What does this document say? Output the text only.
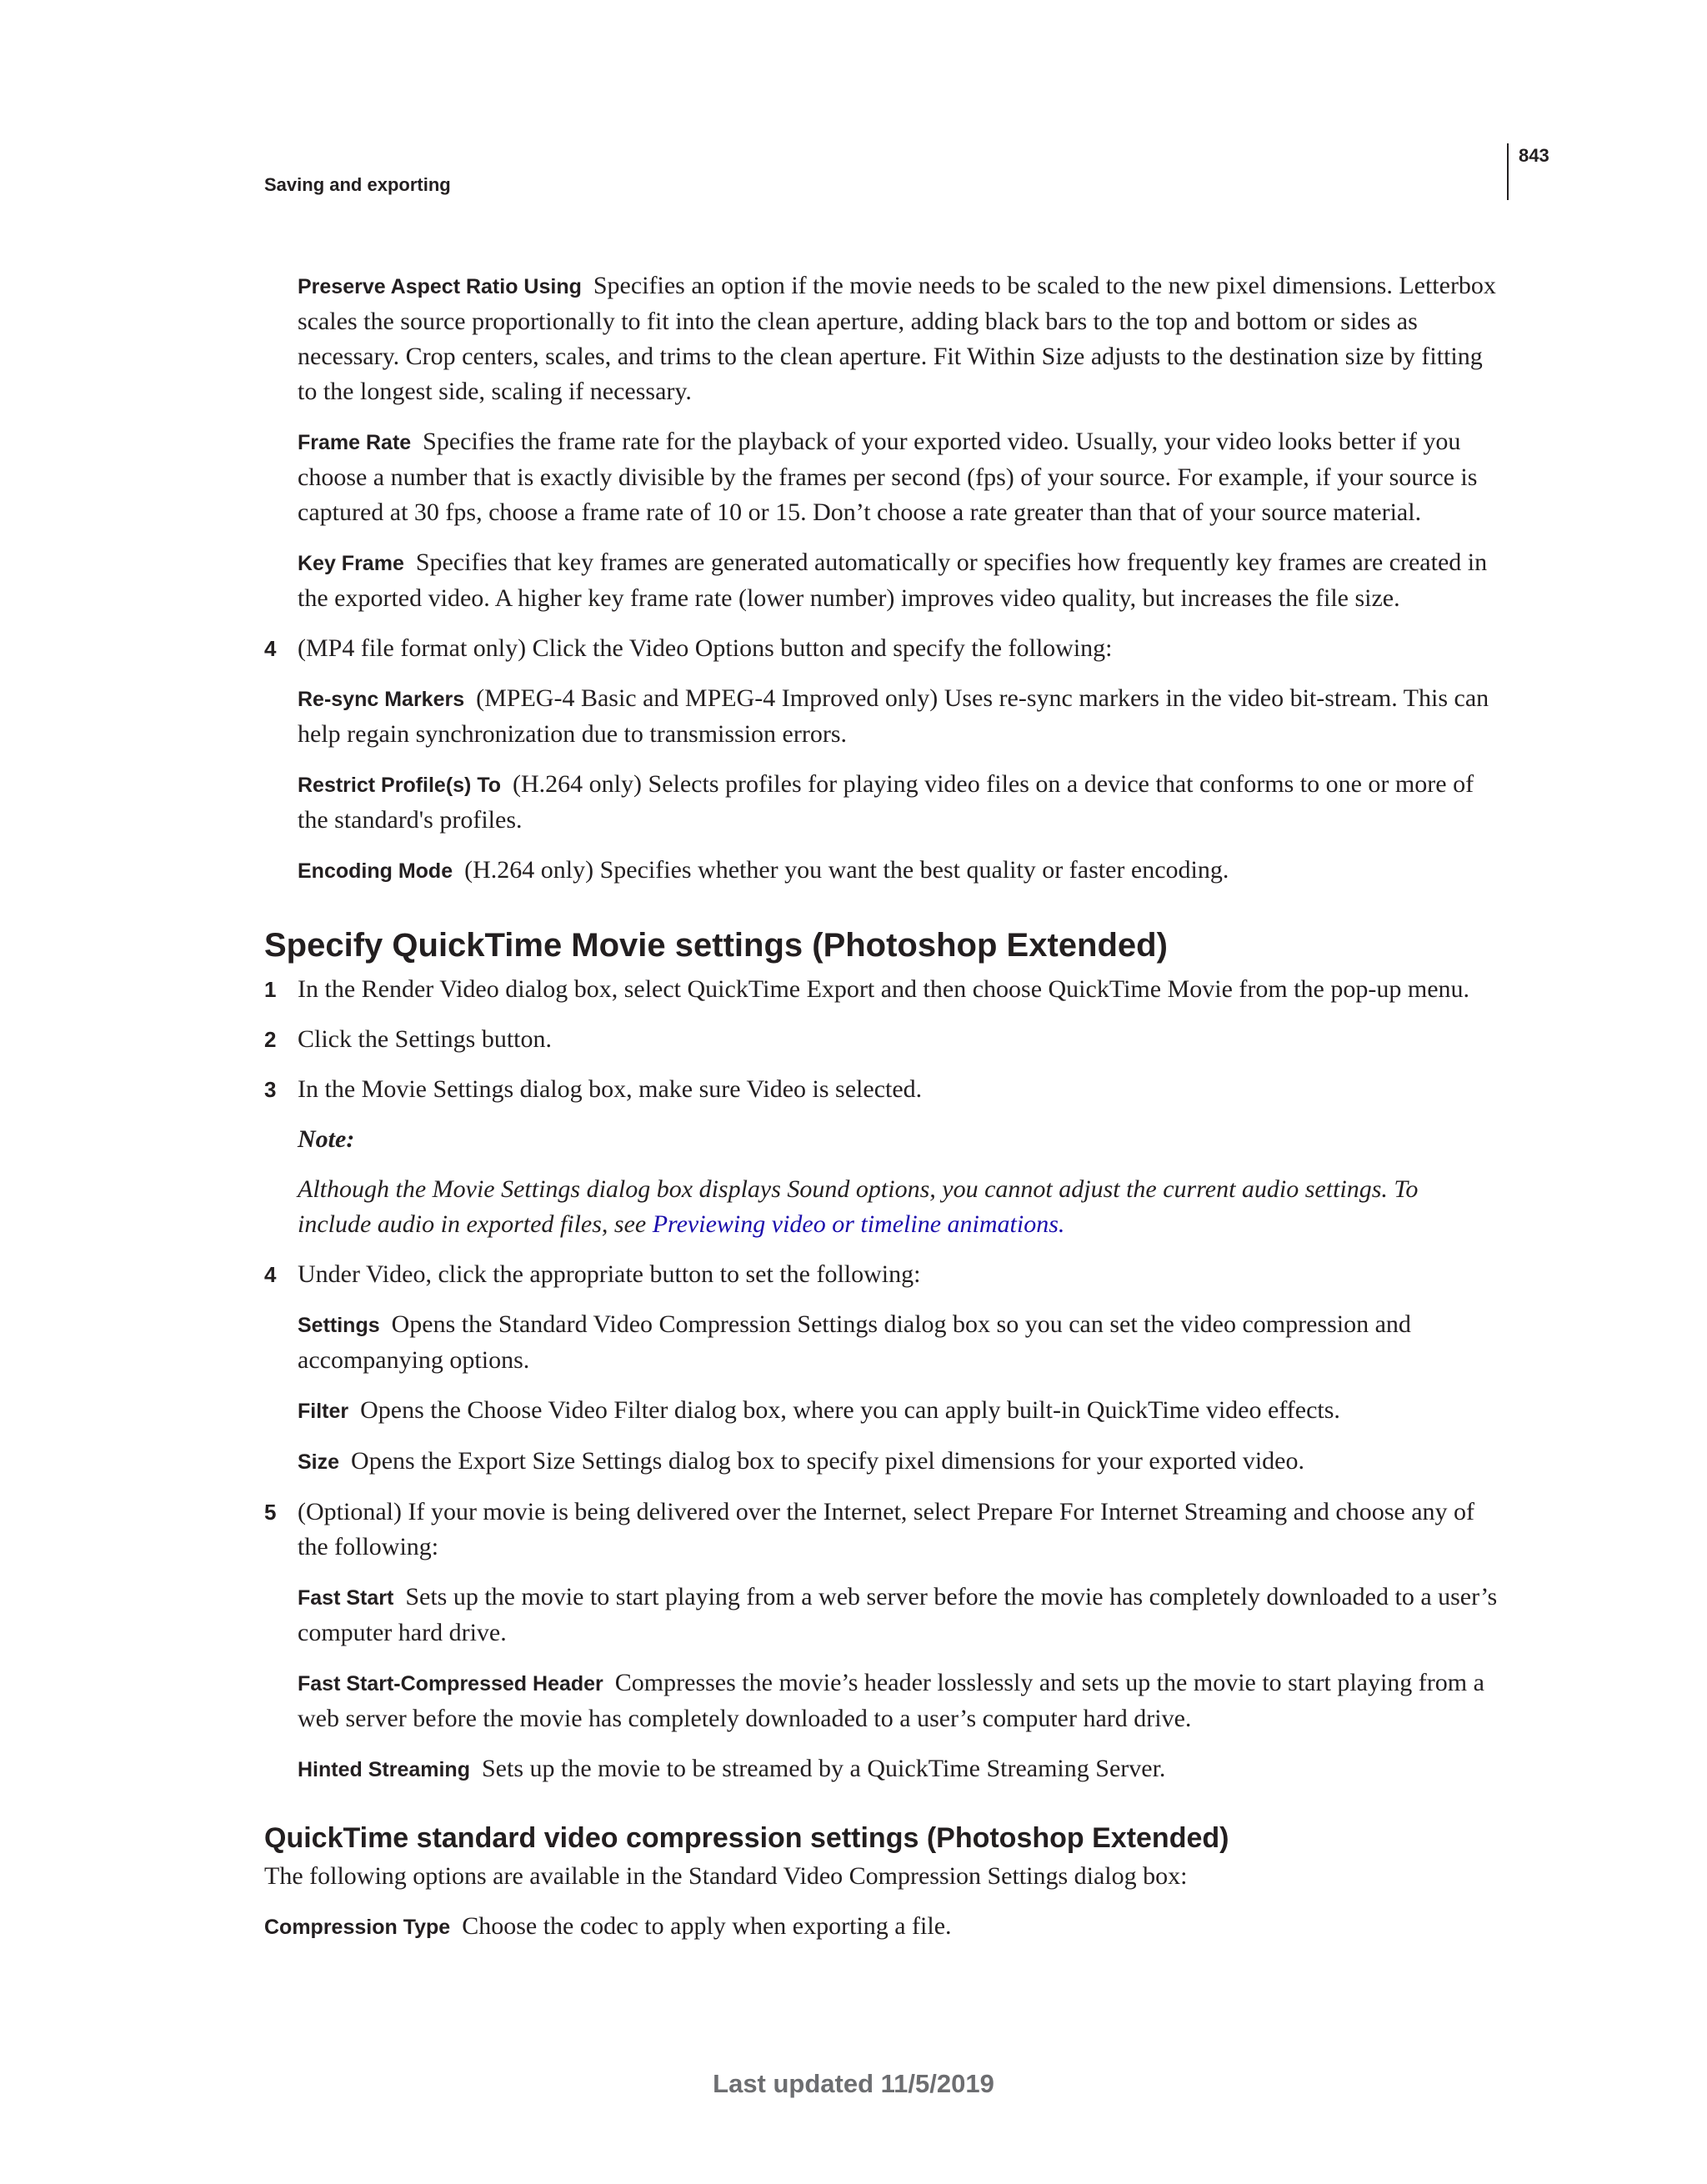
Saving and exporting
843

Preserve Aspect Ratio Using Specifies an option if the movie needs to be scaled to the new pixel dimensions. Letterbox scales the source proportionally to fit into the clean aperture, adding black bars to the top and bottom or sides as necessary. Crop centers, scales, and trims to the clean aperture. Fit Within Size adjusts to the destination size by fitting to the longest side, scaling if necessary.

Frame Rate Specifies the frame rate for the playback of your exported video. Usually, your video looks better if you choose a number that is exactly divisible by the frames per second (fps) of your source. For example, if your source is captured at 30 fps, choose a frame rate of 10 or 15. Don’t choose a rate greater than that of your source material.

Key Frame Specifies that key frames are generated automatically or specifies how frequently key frames are created in the exported video. A higher key frame rate (lower number) improves video quality, but increases the file size.

4 (MP4 file format only) Click the Video Options button and specify the following:

Re-sync Markers (MPEG-4 Basic and MPEG-4 Improved only) Uses re-sync markers in the video bit-stream. This can help regain synchronization due to transmission errors.

Restrict Profile(s) To (H.264 only) Selects profiles for playing video files on a device that conforms to one or more of the standard's profiles.

Encoding Mode (H.264 only) Specifies whether you want the best quality or faster encoding.

Specify QuickTime Movie settings (Photoshop Extended)

1 In the Render Video dialog box, select QuickTime Export and then choose QuickTime Movie from the pop-up menu.

2 Click the Settings button.

3 In the Movie Settings dialog box, make sure Video is selected.

Note:

Although the Movie Settings dialog box displays Sound options, you cannot adjust the current audio settings. To include audio in exported files, see Previewing video or timeline animations.

4 Under Video, click the appropriate button to set the following:

Settings Opens the Standard Video Compression Settings dialog box so you can set the video compression and accompanying options.

Filter Opens the Choose Video Filter dialog box, where you can apply built-in QuickTime video effects.

Size Opens the Export Size Settings dialog box to specify pixel dimensions for your exported video.

5 (Optional) If your movie is being delivered over the Internet, select Prepare For Internet Streaming and choose any of the following:

Fast Start Sets up the movie to start playing from a web server before the movie has completely downloaded to a user’s computer hard drive.

Fast Start-Compressed Header Compresses the movie’s header losslessly and sets up the movie to start playing from a web server before the movie has completely downloaded to a user’s computer hard drive.

Hinted Streaming Sets up the movie to be streamed by a QuickTime Streaming Server.

QuickTime standard video compression settings (Photoshop Extended)

The following options are available in the Standard Video Compression Settings dialog box:

Compression Type Choose the codec to apply when exporting a file.

Last updated 11/5/2019
